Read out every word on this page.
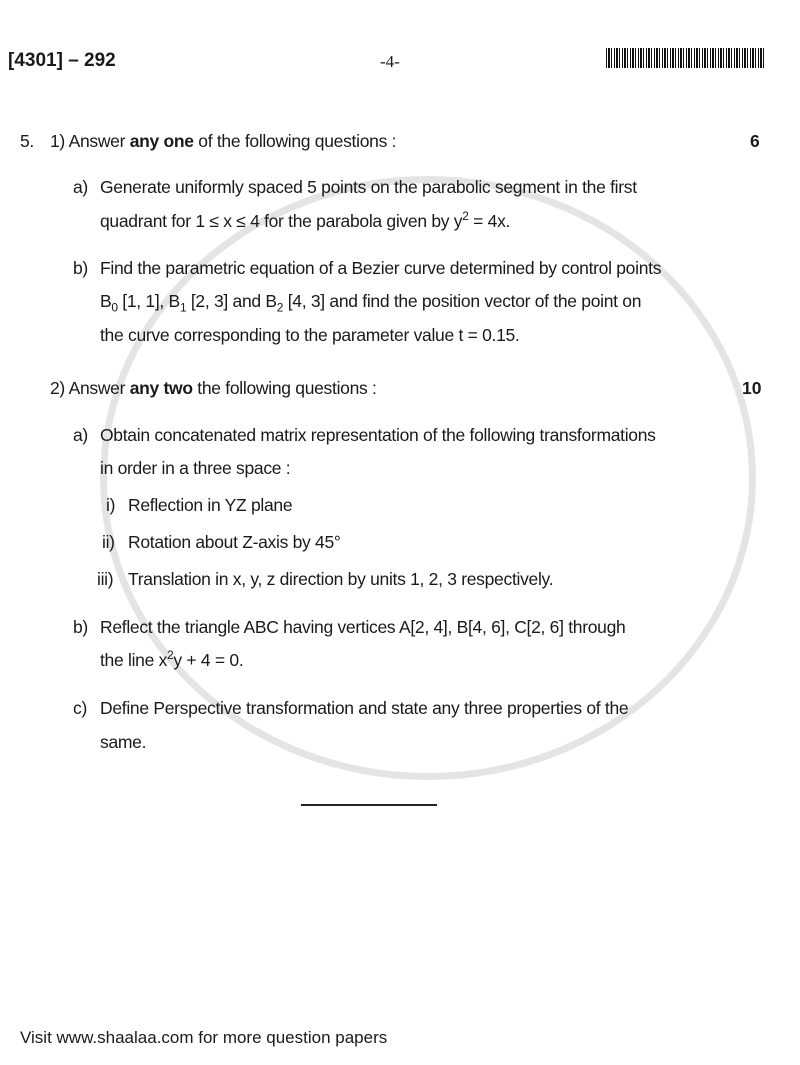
[4301] – 292	-4-
5. 1) Answer any one of the following questions :	6
a) Generate uniformly spaced 5 points on the parabolic segment in the first
quadrant for 1 ≤ x ≤ 4 for the parabola given by $y^2 = 4x$.
b) Find the parametric equation of a Bezier curve determined by control points
$B_0$ [1, 1], $B_1$ [2, 3] and $B_2$ [4, 3] and find the position vector of the point on
the curve corresponding to the parameter value t = 0.15.
2) Answer any two the following questions :	10
a) Obtain concatenated matrix representation of the following transformations
in order in a three space :
i) Reflection in YZ plane
ii) Rotation about Z-axis by 45°
iii) Translation in x, y, z direction by units 1, 2, 3 respectively.
b) Reflect the triangle ABC having vertices A[2, 4], B[4, 6], C[2, 6] through
the line $x^2y + 4 = 0$.
c) Define Perspective transformation and state any three properties of the
same.
Visit www.shaalaa.com for more question papers
